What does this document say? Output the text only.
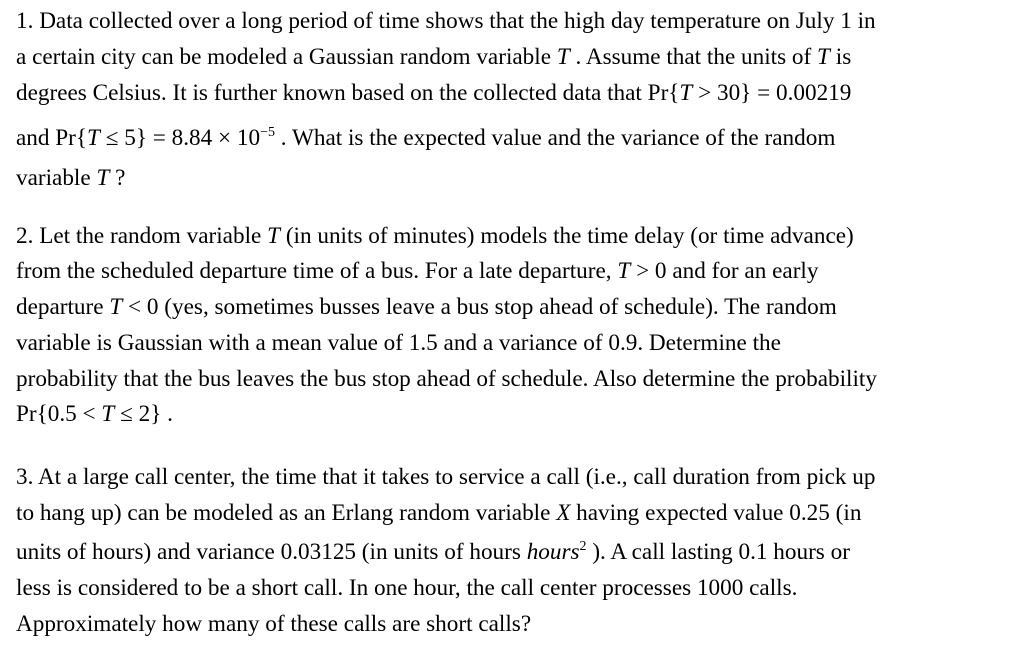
1. Data collected over a long period of time shows that the high day temperature on July 1 in
a certain city can be modeled a Gaussian random variable T . Assume that the units of T is
degrees Celsius. It is further known based on the collected data that Pr{T > 30} = 0.00219
and $Pr\{T \le 5\} = 8.84 \times 10^{-5}$ . What is the expected value and the variance of the random
variable T ?
2. Let the random variable T (in units of minutes) models the time delay (or time advance)
from the scheduled departure time of a bus. For a late departure, T > 0 and for an early
departure T < 0 (yes, sometimes busses leave a bus stop ahead of schedule). The random
variable is Gaussian with a mean value of 1.5 and a variance of 0.9. Determine the
probability that the bus leaves the bus stop ahead of schedule. Also determine the probability
Pr{0.5 < T ≤ 2} .
3. At a large call center, the time that it takes to service a call (i.e., call duration from pick up
to hang up) can be modeled as an Erlang random variable X having expected value 0.25 (in
units of hours) and variance 0.03125 (in units of hours hours$^2$ ). A call lasting 0.1 hours or
less is considered to be a short call. In one hour, the call center processes 1000 calls.
Approximately how many of these calls are short calls?
